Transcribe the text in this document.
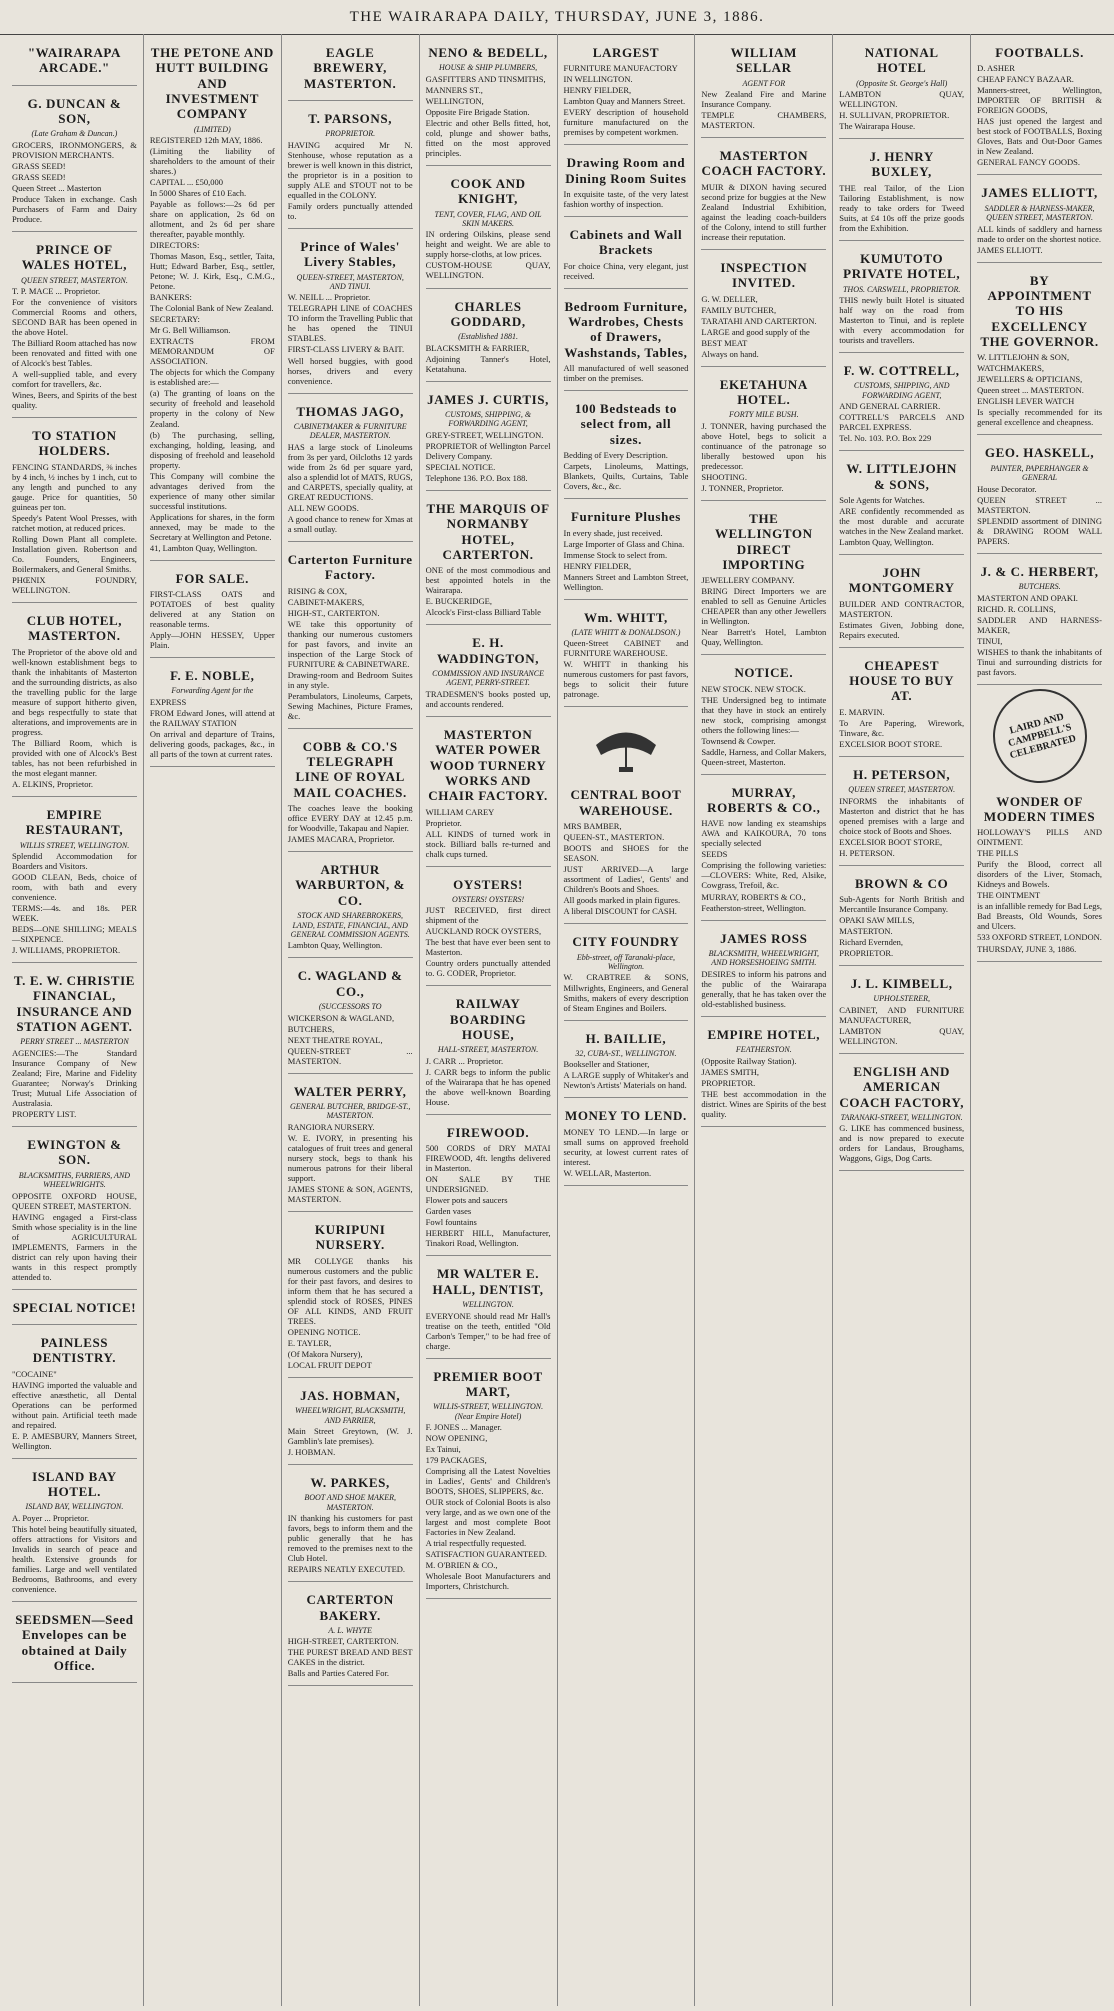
THE WAIRARAPA DAILY, THURSDAY, JUNE 3, 1886.
"WAIRARAPA ARCADE."
G. DUNCAN & SON,
(Late Graham & Duncan.)
GROCERS, IRONMONGERS, & PROVISION MERCHANTS.
GRASS SEED!
GRASS SEED!
Queen Street ... Masterton
Produce Taken in exchange. Cash Purchasers of Farm and Dairy Produce.
PRINCE OF WALES HOTEL,
QUEEN STREET, MASTERTON.
T. P. MACE ... Proprietor.
For the convenience of visitors Commercial Rooms and others, SECOND BAR has been opened in the above Hotel.
The Billiard Room attached has now been renovated and fitted with one of Alcock's best Tables.
A well-supplied table, and every comfort for travellers, &c.
Wines, Beers, and Spirits of the best quality.
TO STATION HOLDERS.
FENCING STANDARDS, ⅜ inches by 4 inch, ½ inches by 1 inch, cut to any length and punched to any gauge. Price for quantities, 50 guineas per ton.
Speedy's Patent Wool Presses, with ratchet motion, at reduced prices.
Rolling Down Plant all complete. Installation given. Robertson and Co. Founders, Engineers, Boilermakers, and General Smiths.
PHŒNIX FOUNDRY, WELLINGTON.
CLUB HOTEL, MASTERTON.
The Proprietor of the above old and well-known establishment begs to thank the inhabitants of Masterton and the surrounding districts, as also the travelling public for the large measure of support hitherto given, and begs respectfully to state that alterations, and improvements are in progress.
The Billiard Room, which is provided with one of Alcock's Best tables, has not been refurbished in the most elegant manner.
A. ELKINS, Proprietor.
EMPIRE RESTAURANT,
WILLIS STREET, WELLINGTON.
Splendid Accommodation for Boarders and Visitors.
GOOD CLEAN, Beds, choice of room, with bath and every convenience.
TERMS:—4s. and 18s. PER WEEK.
BEDS—ONE SHILLING; MEALS—SIXPENCE.
J. WILLIAMS, PROPRIETOR.
T. E. W. CHRISTIE FINANCIAL, INSURANCE AND STATION AGENT.
PERRY STREET ... MASTERTON
AGENCIES:—The Standard Insurance Company of New Zealand; Fire, Marine and Fidelity Guarantee; Norway's Drinking Trust; Mutual Life Association of Australasia.
PROPERTY LIST.
EWINGTON & SON.
BLACKSMITHS, FARRIERS, AND WHEELWRIGHTS.
OPPOSITE OXFORD HOUSE, QUEEN STREET, MASTERTON.
HAVING engaged a First-class Smith whose speciality is in the line of AGRICULTURAL IMPLEMENTS, Farmers in the district can rely upon having their wants in this respect promptly attended to.
SPECIAL NOTICE!
PAINLESS DENTISTRY.
"COCAINE"
HAVING imported the valuable and effective anæsthetic, all Dental Operations can be performed without pain. Artificial teeth made and repaired.
E. P. AMESBURY, Manners Street, Wellington.
ISLAND BAY HOTEL.
ISLAND BAY, WELLINGTON.
A. Poyer ... Proprietor.
This hotel being beautifully situated, offers attractions for Visitors and Invalids in search of peace and health. Extensive grounds for families. Large and well ventilated Bedrooms, Bathrooms, and every convenience.
SEEDSMEN—Seed Envelopes can be obtained at Daily Office.
THE PETONE AND HUTT BUILDING AND INVESTMENT COMPANY
(LIMITED)
REGISTERED 12th MAY, 1886.
(Limiting the liability of shareholders to the amount of their shares.)
CAPITAL ... £50,000
In 5000 Shares of £10 Each.
Payable as follows:—2s 6d per share on application, 2s 6d on allotment, and 2s 6d per share thereafter, payable monthly.
DIRECTORS:
Thomas Mason, Esq., settler, Taita, Hutt; Edward Barber, Esq., settler, Petone; W. J. Kirk, Esq., C.M.G., Petone.
BANKERS:
The Colonial Bank of New Zealand.
SECRETARY:
Mr G. Bell Williamson.
EXTRACTS FROM MEMORANDUM OF ASSOCIATION.
The objects for which the Company is established are:—
(a) The granting of loans on the security of freehold and leasehold property in the colony of New Zealand.
(b) The purchasing, selling, exchanging, holding, leasing, and disposing of freehold and leasehold property.
This Company will combine the advantages derived from the experience of many other similar successful institutions.
Applications for shares, in the form annexed, may be made to the Secretary at Wellington and Petone.
41, Lambton Quay, Wellington.
FOR SALE.
FIRST-CLASS OATS and POTATOES of best quality delivered at any Station on reasonable terms.
Apply—JOHN HESSEY, Upper Plain.
F. E. NOBLE,
Forwarding Agent for the
EXPRESS
FROM Edward Jones, will attend at the RAILWAY STATION
On arrival and departure of Trains, delivering goods, packages, &c., in all parts of the town at current rates.
EAGLE BREWERY, MASTERTON.
T. PARSONS,
PROPRIETOR.
HAVING acquired Mr N. Stenhouse, whose reputation as a brewer is well known in this district, the proprietor is in a position to supply ALE and STOUT not to be equalled in the COLONY.
Family orders punctually attended to.
Prince of Wales' Livery Stables,
QUEEN-STREET, MASTERTON, AND TINUI.
W. NEILL ... Proprietor.
TELEGRAPH LINE of COACHES TO inform the Travelling Public that he has opened the TINUI STABLES.
FIRST-CLASS LIVERY & BAIT.
Well horsed buggies, with good horses, drivers and every convenience.
THOMAS JAGO,
CABINETMAKER & FURNITURE DEALER, MASTERTON.
HAS a large stock of Linoleums from 3s per yard, Oilcloths 12 yards wide from 2s 6d per square yard, also a splendid lot of MATS, RUGS, and CARPETS, specially quality, at GREAT REDUCTIONS.
ALL NEW GOODS.
A good chance to renew for Xmas at a small outlay.
Carterton Furniture Factory.
RISING & COX,
CABINET-MAKERS,
HIGH-ST., CARTERTON.
WE take this opportunity of thanking our numerous customers for past favors, and invite an inspection of the Large Stock of FURNITURE & CABINETWARE.
Drawing-room and Bedroom Suites in any style.
Perambulators, Linoleums, Carpets, Sewing Machines, Picture Frames, &c.
COBB & CO.'S TELEGRAPH LINE OF ROYAL MAIL COACHES.
The coaches leave the booking office EVERY DAY at 12.45 p.m. for Woodville, Takapau and Napier.
JAMES MACARA, Proprietor.
ARTHUR WARBURTON, & CO.
STOCK AND SHAREBROKERS, LAND, ESTATE, FINANCIAL, AND GENERAL COMMISSION AGENTS.
Lambton Quay, Wellington.
C. WAGLAND & CO.,
(SUCCESSORS TO
WICKERSON & WAGLAND,
BUTCHERS,
NEXT THEATRE ROYAL,
QUEEN-STREET ... MASTERTON.
WALTER PERRY,
GENERAL BUTCHER, BRIDGE-ST., MASTERTON.
RANGIORA NURSERY.
W. E. IVORY, in presenting his catalogues of fruit trees and general nursery stock, begs to thank his numerous patrons for their liberal support.
JAMES STONE & SON, AGENTS, MASTERTON.
KURIPUNI NURSERY.
MR COLLYGE thanks his numerous customers and the public for their past favors, and desires to inform them that he has secured a splendid stock of ROSES, PINES OF ALL KINDS, AND FRUIT TREES.
OPENING NOTICE.
E. TAYLER,
(Of Makora Nursery),
LOCAL FRUIT DEPOT
JAS. HOBMAN,
WHEELWRIGHT, BLACKSMITH, AND FARRIER,
Main Street Greytown, (W. J. Gamblin's late premises).
J. HOBMAN.
W. PARKES,
BOOT AND SHOE MAKER, MASTERTON.
IN thanking his customers for past favors, begs to inform them and the public generally that he has removed to the premises next to the Club Hotel.
REPAIRS NEATLY EXECUTED.
CARTERTON BAKERY.
A. L. WHYTE
HIGH-STREET, CARTERTON.
THE PUREST BREAD AND BEST CAKES in the district.
Balls and Parties Catered For.
NENO & BEDELL,
HOUSE & SHIP PLUMBERS,
GASFITTERS AND TINSMITHS,
MANNERS ST.,
WELLINGTON,
Opposite Fire Brigade Station.
Electric and other Bells fitted, hot, cold, plunge and shower baths, fitted on the most approved principles.
COOK AND KNIGHT,
TENT, COVER, FLAG, AND OIL SKIN MAKERS.
IN ordering Oilskins, please send height and weight. We are able to supply horse-cloths, at low prices.
CUSTOM-HOUSE QUAY, WELLINGTON.
CHARLES GODDARD,
(Established 1881.
BLACKSMITH & FARRIER,
Adjoining Tanner's Hotel, Ketatahuna.
JAMES J. CURTIS,
CUSTOMS, SHIPPING, & FORWARDING AGENT,
GREY-STREET, WELLINGTON.
PROPRIETOR of Wellington Parcel Delivery Company.
SPECIAL NOTICE.
Telephone 136. P.O. Box 188.
THE MARQUIS OF NORMANBY HOTEL, CARTERTON.
ONE of the most commodious and best appointed hotels in the Wairarapa.
E. BUCKERIDGE,
Alcock's First-class Billiard Table
E. H. WADDINGTON,
COMMISSION AND INSURANCE AGENT, PERRY-STREET.
TRADESMEN'S books posted up, and accounts rendered.
MASTERTON WATER POWER WOOD TURNERY WORKS AND CHAIR FACTORY.
WILLIAM CAREY
Proprietor.
ALL KINDS of turned work in stock. Billiard balls re-turned and chalk cups turned.
OYSTERS!
OYSTERS! OYSTERS!
JUST RECEIVED, first direct shipment of the
AUCKLAND ROCK OYSTERS,
The best that have ever been sent to Masterton.
Country orders punctually attended to. G. CODER, Proprietor.
RAILWAY BOARDING HOUSE,
HALL-STREET, MASTERTON.
J. CARR ... Proprietor.
J. CARR begs to inform the public of the Wairarapa that he has opened the above well-known Boarding House.
FIREWOOD.
500 CORDS of DRY MATAI FIREWOOD, 4ft. lengths delivered in Masterton.
ON SALE BY THE UNDERSIGNED.
Flower pots and saucers
Garden vases
Fowl fountains
HERBERT HILL, Manufacturer, Tinakori Road, Wellington.
MR WALTER E. HALL, DENTIST,
WELLINGTON.
EVERYONE should read Mr Hall's treatise on the teeth, entitled "Old Carbon's Temper," to be had free of charge.
PREMIER BOOT MART,
WILLIS-STREET, WELLINGTON. (Near Empire Hotel)
F. JONES ... Manager.
NOW OPENING,
Ex Tainui,
179 PACKAGES,
Comprising all the Latest Novelties in Ladies', Gents' and Children's BOOTS, SHOES, SLIPPERS, &c.
OUR stock of Colonial Boots is also very large, and as we own one of the largest and most complete Boot Factories in New Zealand.
A trial respectfully requested.
SATISFACTION GUARANTEED.
M. O'BRIEN & CO.,
Wholesale Boot Manufacturers and Importers, Christchurch.
LARGEST
FURNITURE MANUFACTORY
IN WELLINGTON.
HENRY FIELDER,
Lambton Quay and Manners Street.
EVERY description of household furniture manufactured on the premises by competent workmen.
Drawing Room and Dining Room Suites
In exquisite taste, of the very latest fashion worthy of inspection.
Cabinets and Wall Brackets
For choice China, very elegant, just received.
Bedroom Furniture, Wardrobes, Chests of Drawers, Washstands, Tables,
All manufactured of well seasoned timber on the premises.
100 Bedsteads to select from, all sizes.
Bedding of Every Description.
Carpets, Linoleums, Mattings, Blankets, Quilts, Curtains, Table Covers, &c., &c.
Furniture Plushes
In every shade, just received.
Large Importer of Glass and China.
Immense Stock to select from.
HENRY FIELDER,
Manners Street and Lambton Street, Wellington.
Wm. WHITT,
(LATE WHITT & DONALDSON.)
Queen-Street CABINET and FURNITURE WAREHOUSE.
W. WHITT in thanking his numerous customers for past favors, begs to solicit their future patronage.
CENTRAL BOOT WAREHOUSE.
MRS BAMBER,
QUEEN-ST., MASTERTON.
BOOTS and SHOES for the SEASON.
JUST ARRIVED—A large assortment of Ladies', Gents' and Children's Boots and Shoes.
All goods marked in plain figures.
A liberal DISCOUNT for CASH.
CITY FOUNDRY
Ebb-street, off Taranaki-place, Wellington.
W. CRABTREE & SONS, Millwrights, Engineers, and General Smiths, makers of every description of Steam Engines and Boilers.
H. BAILLIE,
32, CUBA-ST., WELLINGTON.
Bookseller and Stationer,
A LARGE supply of Whitaker's and Newton's Artists' Materials on hand.
MONEY TO LEND.
MONEY TO LEND.—In large or small sums on approved freehold security, at lowest current rates of interest.
W. WELLAR, Masterton.
WILLIAM SELLAR
AGENT FOR
New Zealand Fire and Marine Insurance Company.
TEMPLE CHAMBERS, MASTERTON.
MASTERTON COACH FACTORY.
MUIR & DIXON having secured second prize for buggies at the New Zealand Industrial Exhibition, against the leading coach-builders of the Colony, intend to still further increase their reputation.
INSPECTION INVITED.
G. W. DELLER,
FAMILY BUTCHER,
TARATAHI AND CARTERTON.
LARGE and good supply of the
BEST MEAT
Always on hand.
EKETAHUNA HOTEL.
FORTY MILE BUSH.
J. TONNER, having purchased the above Hotel, begs to solicit a continuance of the patronage so liberally bestowed upon his predecessor.
SHOOTING.
J. TONNER, Proprietor.
THE WELLINGTON DIRECT IMPORTING
JEWELLERY COMPANY.
BRING Direct Importers we are enabled to sell as Genuine Articles CHEAPER than any other Jewellers in Wellington.
Near Barrett's Hotel, Lambton Quay, Wellington.
NOTICE.
NEW STOCK. NEW STOCK.
THE Undersigned beg to intimate that they have in stock an entirely new stock, comprising amongst others the following lines:—
Townsend & Cowper.
Saddle, Harness, and Collar Makers, Queen-street, Masterton.
MURRAY, ROBERTS & CO.,
HAVE now landing ex steamships AWA and KAIKOURA, 70 tons specially selected
SEEDS
Comprising the following varieties:—CLOVERS: White, Red, Alsike, Cowgrass, Trefoil, &c.
MURRAY, ROBERTS & CO.,
Featherston-street, Wellington.
JAMES ROSS
BLACKSMITH, WHEELWRIGHT, AND HORSESHOEING SMITH.
DESIRES to inform his patrons and the public of the Wairarapa generally, that he has taken over the old-established business.
EMPIRE HOTEL,
FEATHERSTON.
(Opposite Railway Station).
JAMES SMITH,
PROPRIETOR.
THE best accommodation in the district. Wines are Spirits of the best quality.
NATIONAL HOTEL
(Opposite St. George's Hall)
LAMBTON QUAY, WELLINGTON.
H. SULLIVAN, PROPRIETOR.
The Wairarapa House.
J. HENRY BUXLEY,
THE real Tailor, of the Lion Tailoring Establishment, is now ready to take orders for Tweed Suits, at £4 10s off the prize goods from the Exhibition.
KUMUTOTO PRIVATE HOTEL,
THOS. CARSWELL, PROPRIETOR.
THIS newly built Hotel is situated half way on the road from Masterton to Tinui, and is replete with every accommodation for tourists and travellers.
F. W. COTTRELL,
CUSTOMS, SHIPPING, AND FORWARDING AGENT,
AND GENERAL CARRIER.
COTTRELL'S PARCELS AND PARCEL EXPRESS.
Tel. No. 103. P.O. Box 229
W. LITTLEJOHN & SONS,
Sole Agents for Watches.
ARE confidently recommended as the most durable and accurate watches in the New Zealand market.
Lambton Quay, Wellington.
JOHN MONTGOMERY
BUILDER AND CONTRACTOR, MASTERTON.
Estimates Given, Jobbing done, Repairs executed.
CHEAPEST HOUSE TO BUY AT.
E. MARVIN.
To Are Papering, Wirework, Tinware, &c.
EXCELSIOR BOOT STORE.
H. PETERSON,
QUEEN STREET, MASTERTON.
INFORMS the inhabitants of Masterton and district that he has opened premises with a large and choice stock of Boots and Shoes.
EXCELSIOR BOOT STORE,
H. PETERSON.
BROWN & CO
Sub-Agents for North British and Mercantile Insurance Company.
OPAKI SAW MILLS,
MASTERTON.
Richard Evernden,
PROPRIETOR.
J. L. KIMBELL,
UPHOLSTERER,
CABINET, AND FURNITURE MANUFACTURER,
LAMBTON QUAY, WELLINGTON.
ENGLISH AND AMERICAN COACH FACTORY,
TARANAKI-STREET, WELLINGTON.
G. LIKE has commenced business, and is now prepared to execute orders for Landaus, Broughams, Waggons, Gigs, Dog Carts.
FOOTBALLS.
D. ASHER
CHEAP FANCY BAZAAR.
Manners-street, Wellington, IMPORTER OF BRITISH & FOREIGN GOODS,
HAS just opened the largest and best stock of FOOTBALLS, Boxing Gloves, Bats and Out-Door Games in New Zealand.
GENERAL FANCY GOODS.
JAMES ELLIOTT,
SADDLER & HARNESS-MAKER, QUEEN STREET, MASTERTON.
ALL kinds of saddlery and harness made to order on the shortest notice.
JAMES ELLIOTT.
BY APPOINTMENT TO HIS EXCELLENCY THE GOVERNOR.
W. LITTLEJOHN & SON,
WATCHMAKERS,
JEWELLERS & OPTICIANS,
Queen street ... MASTERTON.
ENGLISH LEVER WATCH
Is specially recommended for its general excellence and cheapness.
GEO. HASKELL,
PAINTER, PAPERHANGER & GENERAL
House Decorator.
QUEEN STREET ... MASTERTON.
SPLENDID assortment of DINING & DRAWING ROOM WALL PAPERS.
J. & C. HERBERT,
BUTCHERS.
MASTERTON AND OPAKI.
RICHD. R. COLLINS,
SADDLER AND HARNESS-MAKER,
TINUI,
WISHES to thank the inhabitants of Tinui and surrounding districts for past favors.
LAIRD AND CAMPBELL'S CELEBRATED
WONDER OF MODERN TIMES
HOLLOWAY'S PILLS AND OINTMENT.
THE PILLS
Purify the Blood, correct all disorders of the Liver, Stomach, Kidneys and Bowels.
THE OINTMENT
is an infallible remedy for Bad Legs, Bad Breasts, Old Wounds, Sores and Ulcers.
533 OXFORD STREET, LONDON.
THURSDAY, JUNE 3, 1886.
